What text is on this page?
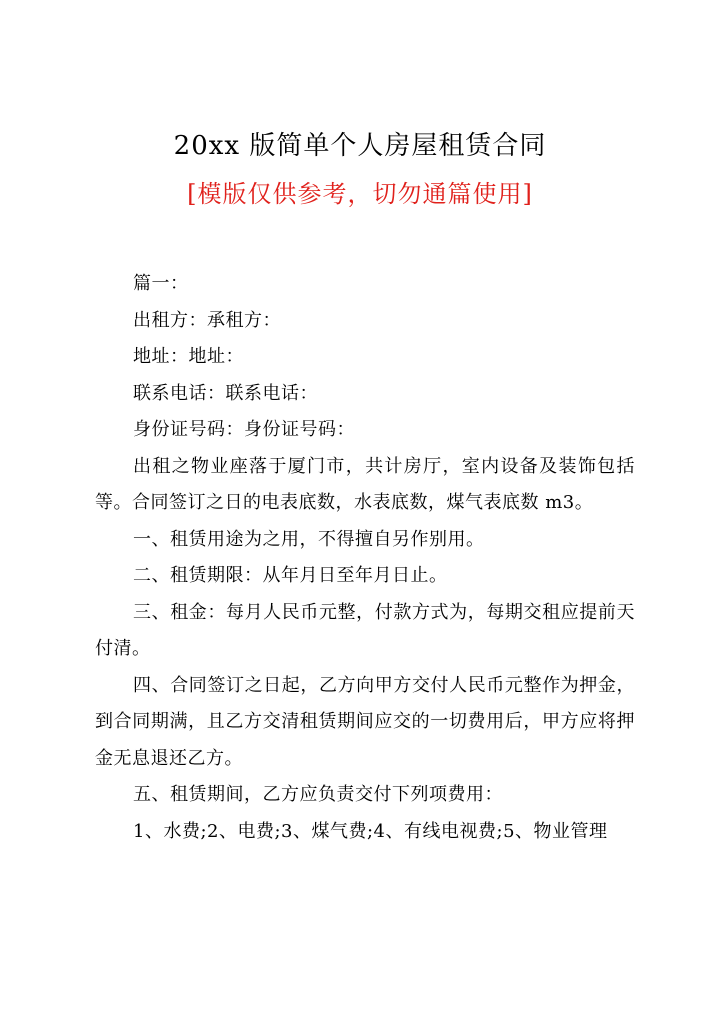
20xx 版简单个人房屋租赁合同
[模版仅供参考，切勿通篇使用]

篇一：

出租方：承租方：

地址：地址：

联系电话：联系电话：

身份证号码：身份证号码：

出租之物业座落于厦门市，共计房厅，室内设备及装饰包括等。合同签订之日的电表底数，水表底数，煤气表底数 m3。

一、租赁用途为之用，不得擅自另作别用。

二、租赁期限：从年月日至年月日止。

三、租金：每月人民币元整，付款方式为，每期交租应提前天付清。

四、合同签订之日起，乙方向甲方交付人民币元整作为押金，到合同期满，且乙方交清租赁期间应交的一切费用后，甲方应将押金无息退还乙方。

五、租赁期间，乙方应负责交付下列项费用：

1、水费;2、电费;3、煤气费;4、有线电视费;5、物业管理
